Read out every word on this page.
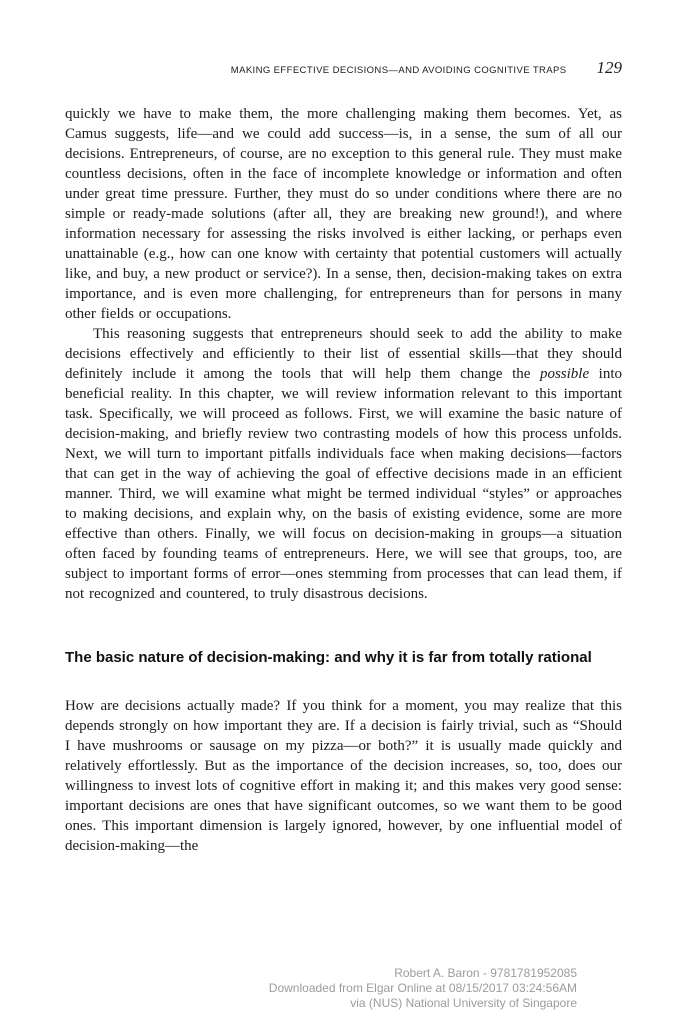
MAKING EFFECTIVE DECISIONS—AND AVOIDING COGNITIVE TRAPS 129

quickly we have to make them, the more challenging making them becomes. Yet, as Camus suggests, life—and we could add success—is, in a sense, the sum of all our decisions. Entrepreneurs, of course, are no exception to this general rule. They must make countless decisions, often in the face of incomplete knowledge or information and often under great time pressure. Further, they must do so under conditions where there are no simple or ready-made solutions (after all, they are breaking new ground!), and where information necessary for assessing the risks involved is either lacking, or perhaps even unattainable (e.g., how can one know with certainty that potential customers will actually like, and buy, a new product or service?). In a sense, then, decision-making takes on extra importance, and is even more challenging, for entrepreneurs than for persons in many other fields or occupations.

This reasoning suggests that entrepreneurs should seek to add the ability to make decisions effectively and efficiently to their list of essential skills—that they should definitely include it among the tools that will help them change the possible into beneficial reality. In this chapter, we will review information relevant to this important task. Specifically, we will proceed as follows. First, we will examine the basic nature of decision-making, and briefly review two contrasting models of how this process unfolds. Next, we will turn to important pitfalls individuals face when making decisions—factors that can get in the way of achieving the goal of effective decisions made in an efficient manner. Third, we will examine what might be termed individual “styles” or approaches to making decisions, and explain why, on the basis of existing evidence, some are more effective than others. Finally, we will focus on decision-making in groups—a situation often faced by founding teams of entrepreneurs. Here, we will see that groups, too, are subject to important forms of error—ones stemming from processes that can lead them, if not recognized and countered, to truly disastrous decisions.

The basic nature of decision-making: and why it is far from totally rational

How are decisions actually made? If you think for a moment, you may realize that this depends strongly on how important they are. If a decision is fairly trivial, such as “Should I have mushrooms or sausage on my pizza—or both?” it is usually made quickly and relatively effortlessly. But as the importance of the decision increases, so, too, does our willingness to invest lots of cognitive effort in making it; and this makes very good sense: important decisions are ones that have significant outcomes, so we want them to be good ones. This important dimension is largely ignored, however, by one influential model of decision-making—the

Robert A. Baron - 9781781952085
Downloaded from Elgar Online at 08/15/2017 03:24:56AM
via (NUS) National University of Singapore
